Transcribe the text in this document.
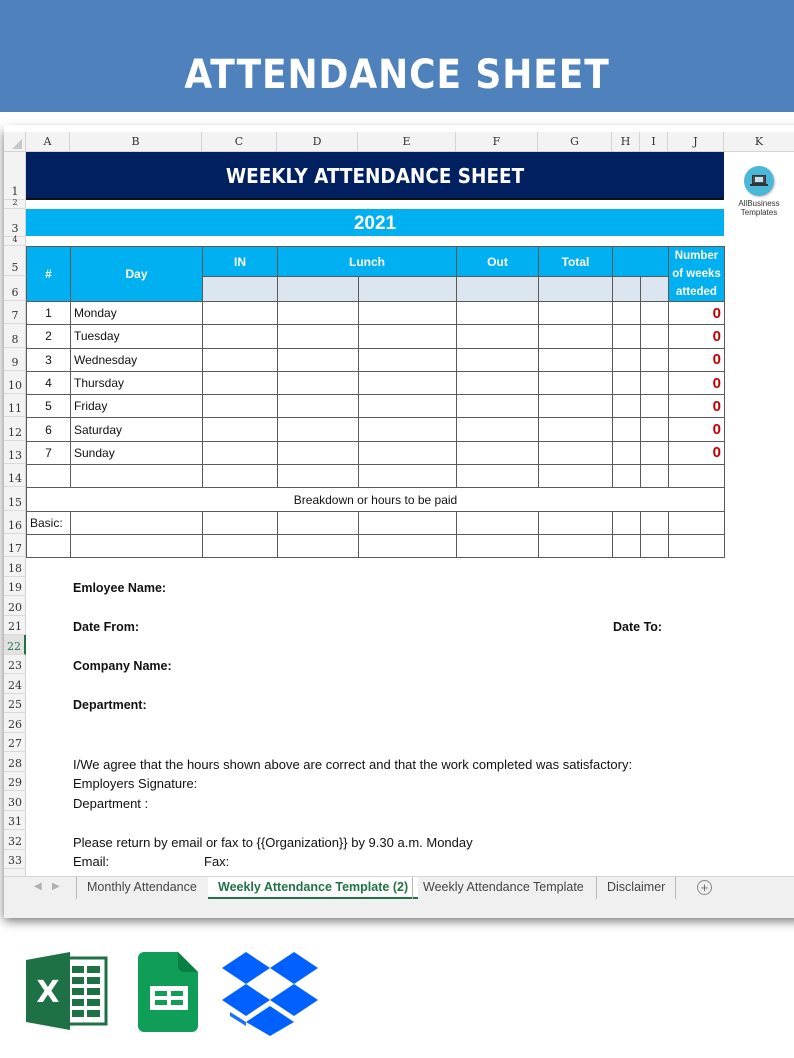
ATTENDANCE SHEET
A	B	C	D	E	F	G	H	I	J	K
1
2
3
4
5
6
7
8
9
10
11
12
13
14
15
16
17
18
19
20
21
22
23
24
25
26
27
28
29
30
31
32
33
WEEKLY ATTENDANCE SHEET
2021
AllBusiness
Templates
#	Day	IN	Lunch		Out	Total			Number of weeks atteded

1	Monday								0
2	Tuesday								0
3	Wednesday								0
4	Thursday								0
5	Friday								0
6	Saturday								0
7	Sunday								0

Breakdown or hours to be paid									
Basic:									

Emloyee Name:
Date From:	Date To:
Company Name:
Department:
I/We agree that the hours shown above are correct and that the work completed was satisfactory:
Employers Signature:
Department :
Please return by email or fax to {{Organization}} by 9.30 a.m. Monday
Email:	Fax:
◀ ▶	Monthly Attendance	Weekly Attendance Template (2)	Weekly Attendance Template	Disclaimer	+
X
